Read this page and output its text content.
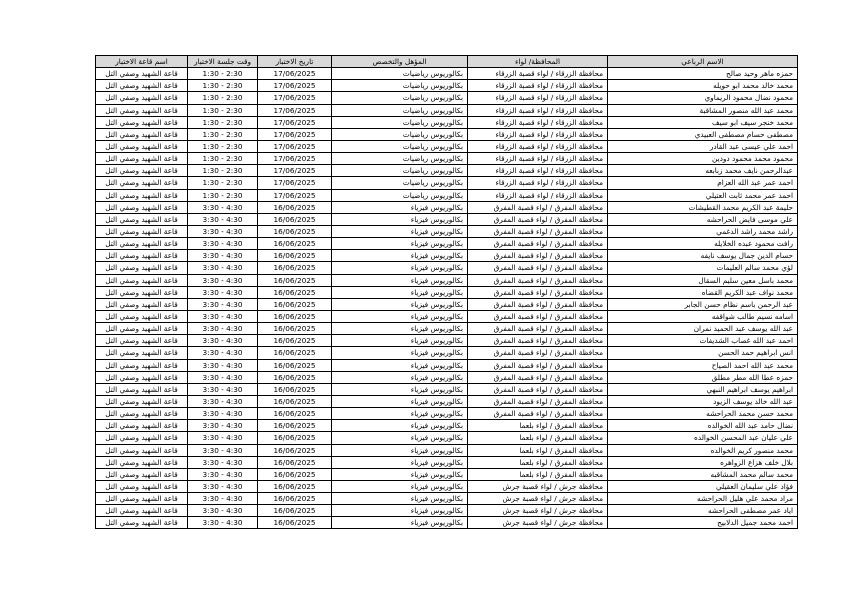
الاسم الرباعي	المحافظة/ لواء	المؤهل والتخصص	تاريخ الاختبار	وقت جلسة الاختبار	اسم قاعة الاختبار
حمزه ماهر وحيد صالح	محافظة الزرقاء / لواء قصبة الزرقاء	بكالوريوس رياضيات	17/06/2025	1:30 - 2:30	قاعة الشهيد وصفي التل
محمد خالد محمد ابو حويله	محافظة الزرقاء / لواء قصبة الزرقاء	بكالوريوس رياضيات	17/06/2025	1:30 - 2:30	قاعة الشهيد وصفي التل
محمود نضال محمود الريماوي	محافظة الزرقاء / لواء قصبة الزرقاء	بكالوريوس رياضيات	17/06/2025	1:30 - 2:30	قاعة الشهيد وصفي التل
محمد عبد الله منصور المشاقبة	محافظة الزرقاء / لواء قصبة الزرقاء	بكالوريوس رياضيات	17/06/2025	1:30 - 2:30	قاعة الشهيد وصفي التل
محمد خنجر سيف ابو سيف	محافظة الزرقاء / لواء قصبة الزرقاء	بكالوريوس رياضيات	17/06/2025	1:30 - 2:30	قاعة الشهيد وصفي التل
مصطفى حسام مصطفى العبيدي	محافظة الزرقاء / لواء قصبة الزرقاء	بكالوريوس رياضيات	17/06/2025	1:30 - 2:30	قاعة الشهيد وصفي التل
احمد علي عيسى عبد القادر	محافظة الزرقاء / لواء قصبة الزرقاء	بكالوريوس رياضيات	17/06/2025	1:30 - 2:30	قاعة الشهيد وصفي التل
محمود محمد محمود دودين	محافظة الزرقاء / لواء قصبة الزرقاء	بكالوريوس رياضيات	17/06/2025	1:30 - 2:30	قاعة الشهيد وصفي التل
عبدالرحمن نايف محمد زبابعه	محافظة الزرقاء / لواء قصبة الزرقاء	بكالوريوس رياضيات	17/06/2025	1:30 - 2:30	قاعة الشهيد وصفي التل
احمد عمر عبد الله العزام	محافظة الزرقاء / لواء قصبة الزرقاء	بكالوريوس رياضيات	17/06/2025	1:30 - 2:30	قاعة الشهيد وصفي التل
احمد عمر محمد ثابت العتيلي	محافظة الزرقاء / لواء قصبة الزرقاء	بكالوريوس رياضيات	17/06/2025	1:30 - 2:30	قاعة الشهيد وصفي التل
حليمة عبد الكريم محمد القطيشات	محافظة المفرق / لواء قصبة المفرق	بكالوريوس فيزياء	16/06/2025	3:30 - 4:30	قاعة الشهيد وصفي التل
علي موسى فايض الحراحشه	محافظة المفرق / لواء قصبة المفرق	بكالوريوس فيزياء	16/06/2025	3:30 - 4:30	قاعة الشهيد وصفي التل
راشد محمد راشد الدغمي	محافظة المفرق / لواء قصبة المفرق	بكالوريوس فيزياء	16/06/2025	3:30 - 4:30	قاعة الشهيد وصفي التل
رافت محمود عبده الخلايله	محافظة المفرق / لواء قصبة المفرق	بكالوريوس فيزياء	16/06/2025	3:30 - 4:30	قاعة الشهيد وصفي التل
حسام الدين جمال يوسف نايفه	محافظة المفرق / لواء قصبة المفرق	بكالوريوس فيزياء	16/06/2025	3:30 - 4:30	قاعة الشهيد وصفي التل
لؤي محمد سالم العليمات	محافظة المفرق / لواء قصبة المفرق	بكالوريوس فيزياء	16/06/2025	3:30 - 4:30	قاعة الشهيد وصفي التل
محمد باسل معين سليم السقال	محافظة المفرق / لواء قصبة المفرق	بكالوريوس فيزياء	16/06/2025	3:30 - 4:30	قاعة الشهيد وصفي التل
محمد نواف عبد الكريم القضاه	محافظة المفرق / لواء قصبة المفرق	بكالوريوس فيزياء	16/06/2025	3:30 - 4:30	قاعة الشهيد وصفي التل
عبد الرحمن باسم نظام حسن الجابر	محافظة المفرق / لواء قصبة المفرق	بكالوريوس فيزياء	16/06/2025	3:30 - 4:30	قاعة الشهيد وصفي التل
اسامه نسيم طالب شواقفه	محافظة المفرق / لواء قصبة المفرق	بكالوريوس فيزياء	16/06/2025	3:30 - 4:30	قاعة الشهيد وصفي التل
عبد الله يوسف عبد الحميد نمران	محافظة المفرق / لواء قصبة المفرق	بكالوريوس فيزياء	16/06/2025	3:30 - 4:30	قاعة الشهيد وصفي التل
احمد عبد الله غصاب الشديفات	محافظة المفرق / لواء قصبة المفرق	بكالوريوس فيزياء	16/06/2025	3:30 - 4:30	قاعة الشهيد وصفي التل
انس ابراهيم حمد الحسن	محافظة المفرق / لواء قصبة المفرق	بكالوريوس فيزياء	16/06/2025	3:30 - 4:30	قاعة الشهيد وصفي التل
محمد عبد الله احمد الصياح	محافظة المفرق / لواء قصبة المفرق	بكالوريوس فيزياء	16/06/2025	3:30 - 4:30	قاعة الشهيد وصفي التل
حمزه عطا الله مطر مطلق	محافظة المفرق / لواء قصبة المفرق	بكالوريوس فيزياء	16/06/2025	3:30 - 4:30	قاعة الشهيد وصفي التل
ابراهيم يوسف ابراهيم النبهي	محافظة المفرق / لواء قصبة المفرق	بكالوريوس فيزياء	16/06/2025	3:30 - 4:30	قاعة الشهيد وصفي التل
عبد الله خالد يوسف الزيود	محافظة المفرق / لواء قصبة المفرق	بكالوريوس فيزياء	16/06/2025	3:30 - 4:30	قاعة الشهيد وصفي التل
محمد حسن محمد الحراحشه	محافظة المفرق / لواء قصبة المفرق	بكالوريوس فيزياء	16/06/2025	3:30 - 4:30	قاعة الشهيد وصفي التل
نضال حامد عبد الله الخوالده	محافظة المفرق / لواء بلعما	بكالوريوس فيزياء	16/06/2025	3:30 - 4:30	قاعة الشهيد وصفي التل
علي عليان عبد المحسن الخوالده	محافظة المفرق / لواء بلعما	بكالوريوس فيزياء	16/06/2025	3:30 - 4:30	قاعة الشهيد وصفي التل
محمد منصور كريم الخوالده	محافظة المفرق / لواء بلعما	بكالوريوس فيزياء	16/06/2025	3:30 - 4:30	قاعة الشهيد وصفي التل
بلال خلف هزاع الزواهره	محافظة المفرق / لواء بلعما	بكالوريوس فيزياء	16/06/2025	3:30 - 4:30	قاعة الشهيد وصفي التل
محمد سالم محمد المشاقبه	محافظة المفرق / لواء بلعما	بكالوريوس فيزياء	16/06/2025	3:30 - 4:30	قاعة الشهيد وصفي التل
فؤاد علي سليمان العقيلي	محافظة جرش / لواء قصبة جرش	بكالوريوس فيزياء	16/06/2025	3:30 - 4:30	قاعة الشهيد وصفي التل
مراد محمد علي هليل الحراحشه	محافظة جرش / لواء قصبة جرش	بكالوريوس فيزياء	16/06/2025	3:30 - 4:30	قاعة الشهيد وصفي التل
اياد عمر مصطفى الحراحشه	محافظة جرش / لواء قصبة جرش	بكالوريوس فيزياء	16/06/2025	3:30 - 4:30	قاعة الشهيد وصفي التل
احمد محمد جميل الدلابيح	محافظة جرش / لواء قصبة جرش	بكالوريوس فيزياء	16/06/2025	3:30 - 4:30	قاعة الشهيد وصفي التل
